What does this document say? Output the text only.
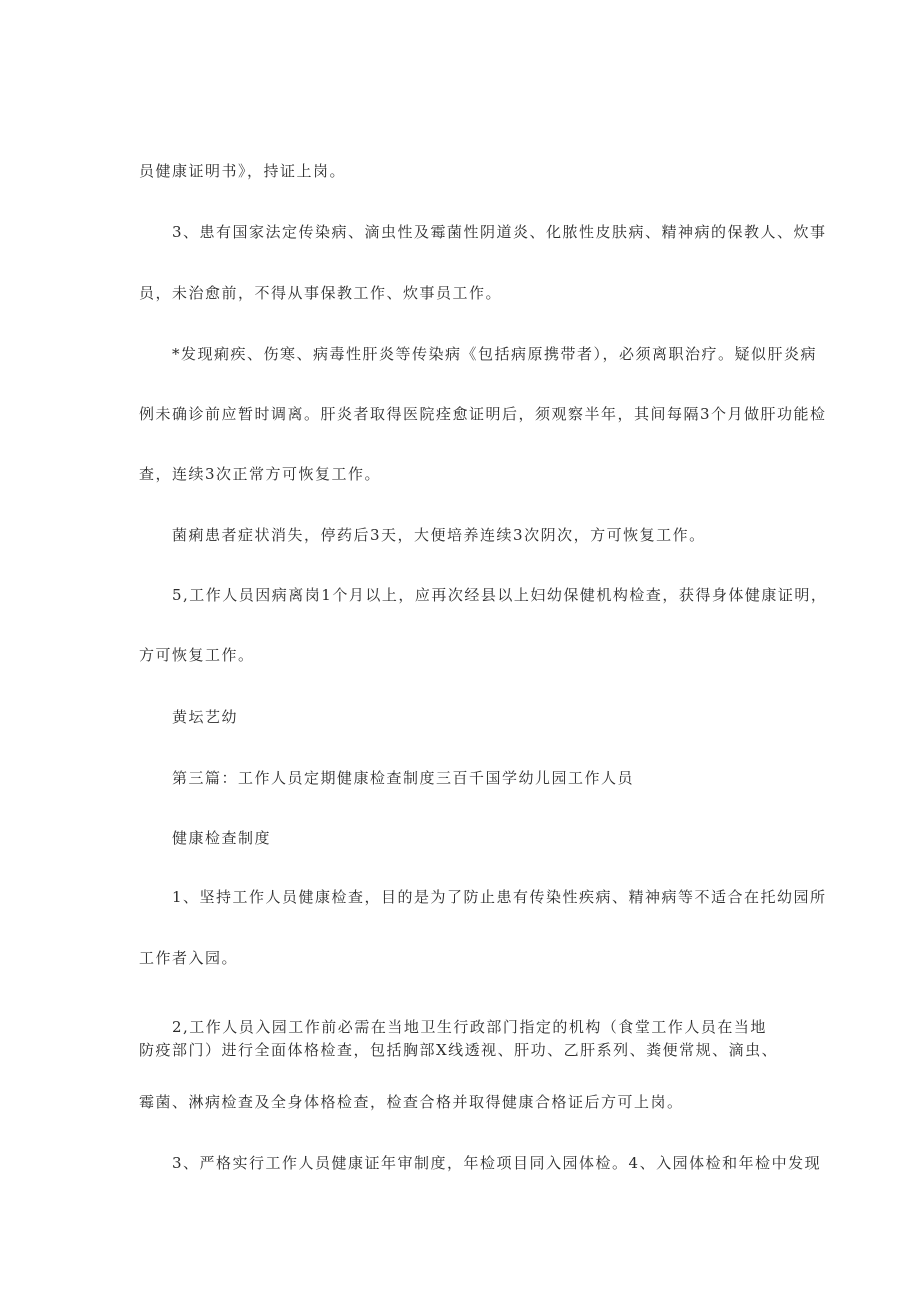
员健康证明书》，持证上岗。

3、患有国家法定传染病、滴虫性及霉菌性阴道炎、化脓性皮肤病、精神病的保教人、炊事

员，未治愈前，不得从事保教工作、炊事员工作。

*发现痢疾、伤寒、病毒性肝炎等传染病《包括病原携带者），必须离职治疗。疑似肝炎病

例未确诊前应暂时调离。肝炎者取得医院痊愈证明后，须观察半年，其间每隔3个月做肝功能检

查，连续3次正常方可恢复工作。

菌痢患者症状消失，停药后3天，大便培养连续3次阴次，方可恢复工作。

5,工作人员因病离岗1个月以上，应再次经县以上妇幼保健机构检查，获得身体健康证明，

方可恢复工作。

黄坛艺幼

第三篇：工作人员定期健康检查制度三百千国学幼儿园工作人员

健康检查制度

1、坚持工作人员健康检查，目的是为了防止患有传染性疾病、精神病等不适合在托幼园所

工作者入园。

2,工作人员入园工作前必需在当地卫生行政部门指定的机构（食堂工作人员在当地

防疫部门）进行全面体格检查，包括胸部X线透视、肝功、乙肝系列、粪便常规、滴虫、

霉菌、淋病检查及全身体格检查，检查合格并取得健康合格证后方可上岗。

3、严格实行工作人员健康证年审制度，年检项目同入园体检。4、入园体检和年检中发现
